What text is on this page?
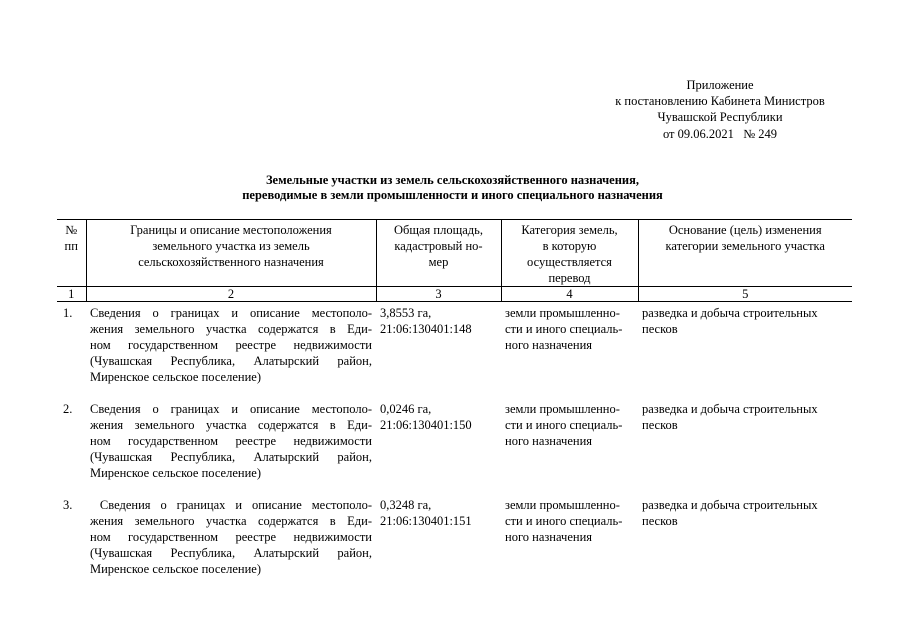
Приложение
к постановлению Кабинета Министров
Чувашской Республики
от 09.06.2021   № 249
Земельные участки из земель сельскохозяйственного назначения,
переводимые в земли промышленности и иного специального назначения
№
пп	Границы и описание местоположения
земельного участка из земель
сельскохозяйственного назначения	Общая площадь,
кадастровый но-
мер	Категория земель,
в которую
осуществляется
перевод	Основание (цель) изменения
категории земельного участка

1	2	3	4	5
1.	Сведения о границах и описание местополо-
жения земельного участка содержатся в Еди-
ном государственном реестре недвижимости
(Чувашская Республика, Алатырский район,
Миренское сельское поселение)	3,8553 га,
21:06:130401:148	земли промышленно-
сти и иного специаль-
ного назначения	разведка и добыча строительных
песков

2.	Сведения о границах и описание местополо-
жения земельного участка содержатся в Еди-
ном государственном реестре недвижимости
(Чувашская Республика, Алатырский район,
Миренское сельское поселение)	0,0246 га,
21:06:130401:150	земли промышленно-
сти и иного специаль-
ного назначения	разведка и добыча строительных
песков

3.	Сведения о границах и описание местополо-
жения земельного участка содержатся в Еди-
ном государственном реестре недвижимости
(Чувашская Республика, Алатырский район,
Миренское сельское поселение)	0,3248 га,
21:06:130401:151	земли промышленно-
сти и иного специаль-
ного назначения	разведка и добыча строительных
песков
